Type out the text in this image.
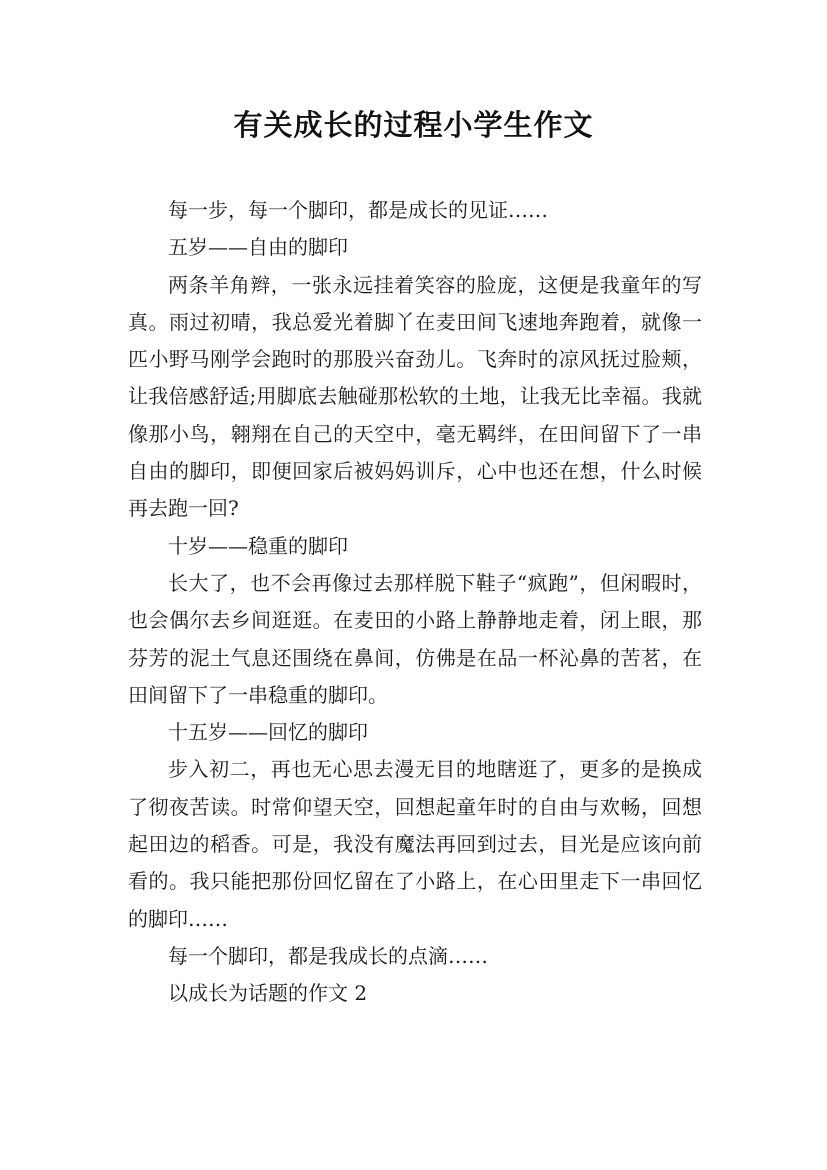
有关成长的过程小学生作文

每一步，每一个脚印，都是成长的见证……

五岁——自由的脚印

两条羊角辫，一张永远挂着笑容的脸庞，这便是我童年的写真。雨过初晴，我总爱光着脚丫在麦田间飞速地奔跑着，就像一匹小野马刚学会跑时的那股兴奋劲儿。飞奔时的凉风抚过脸颊，让我倍感舒适;用脚底去触碰那松软的土地，让我无比幸福。我就像那小鸟，翱翔在自己的天空中，毫无羁绊，在田间留下了一串自由的脚印，即便回家后被妈妈训斥，心中也还在想，什么时候再去跑一回?

十岁——稳重的脚印

长大了，也不会再像过去那样脱下鞋子“疯跑”，但闲暇时，也会偶尔去乡间逛逛。在麦田的小路上静静地走着，闭上眼，那芬芳的泥土气息还围绕在鼻间，仿佛是在品一杯沁鼻的苦茗，在田间留下了一串稳重的脚印。

十五岁——回忆的脚印

步入初二，再也无心思去漫无目的地瞎逛了，更多的是换成了彻夜苦读。时常仰望天空，回想起童年时的自由与欢畅，回想起田边的稻香。可是，我没有魔法再回到过去，目光是应该向前看的。我只能把那份回忆留在了小路上，在心田里走下一串回忆的脚印……

每一个脚印，都是我成长的点滴……

以成长为话题的作文 2
